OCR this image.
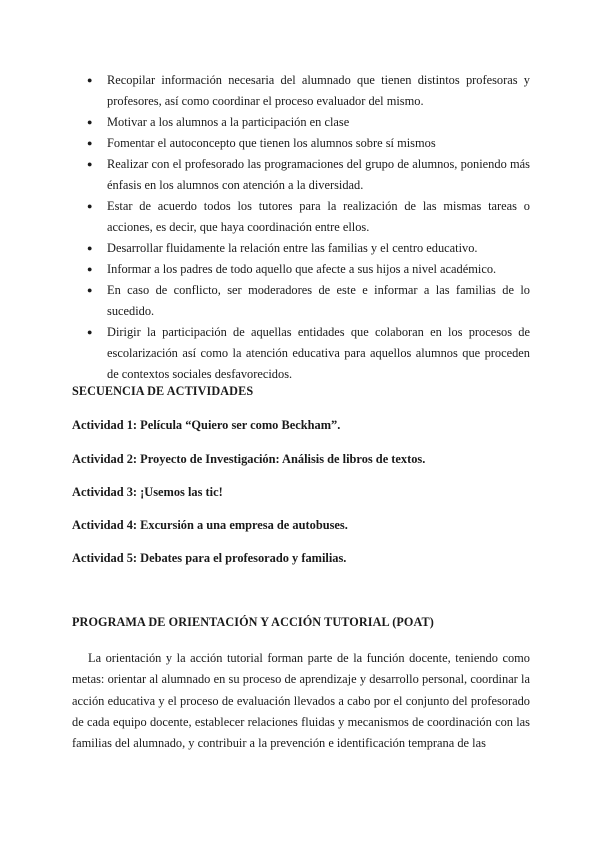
● Recopilar información necesaria del alumnado que tienen distintos profesoras y profesores, así como coordinar el proceso evaluador del mismo.
● Motivar a los alumnos a la participación en clase
● Fomentar el autoconcepto que tienen los alumnos sobre sí mismos
● Realizar con el profesorado las programaciones del grupo de alumnos, poniendo más énfasis en los alumnos con atención a la diversidad.
● Estar de acuerdo todos los tutores para la realización de las mismas tareas o acciones, es decir, que haya coordinación entre ellos.
● Desarrollar fluidamente la relación entre las familias y el centro educativo.
● Informar a los padres de todo aquello que afecte a sus hijos a nivel académico.
● En caso de conflicto, ser moderadores de este e informar a las familias de lo sucedido.
● Dirigir la participación de aquellas entidades que colaboran en los procesos de escolarización así como la atención educativa para aquellos alumnos que proceden de contextos sociales desfavorecidos.
SECUENCIA DE ACTIVIDADES
Actividad 1: Película “Quiero ser como Beckham”.
Actividad 2: Proyecto de Investigación: Análisis de libros de textos.
Actividad 3: ¡Usemos las tic!
Actividad 4: Excursión a una empresa de autobuses.
Actividad 5: Debates para el profesorado y familias.
PROGRAMA DE ORIENTACIÓN Y ACCIÓN TUTORIAL (POAT)

La orientación y la acción tutorial forman parte de la función docente, teniendo como metas: orientar al alumnado en su proceso de aprendizaje y desarrollo personal, coordinar la acción educativa y el proceso de evaluación llevados a cabo por el conjunto del profesorado de cada equipo docente, establecer relaciones fluidas y mecanismos de coordinación con las familias del alumnado, y contribuir a la prevención e identificación temprana de las
